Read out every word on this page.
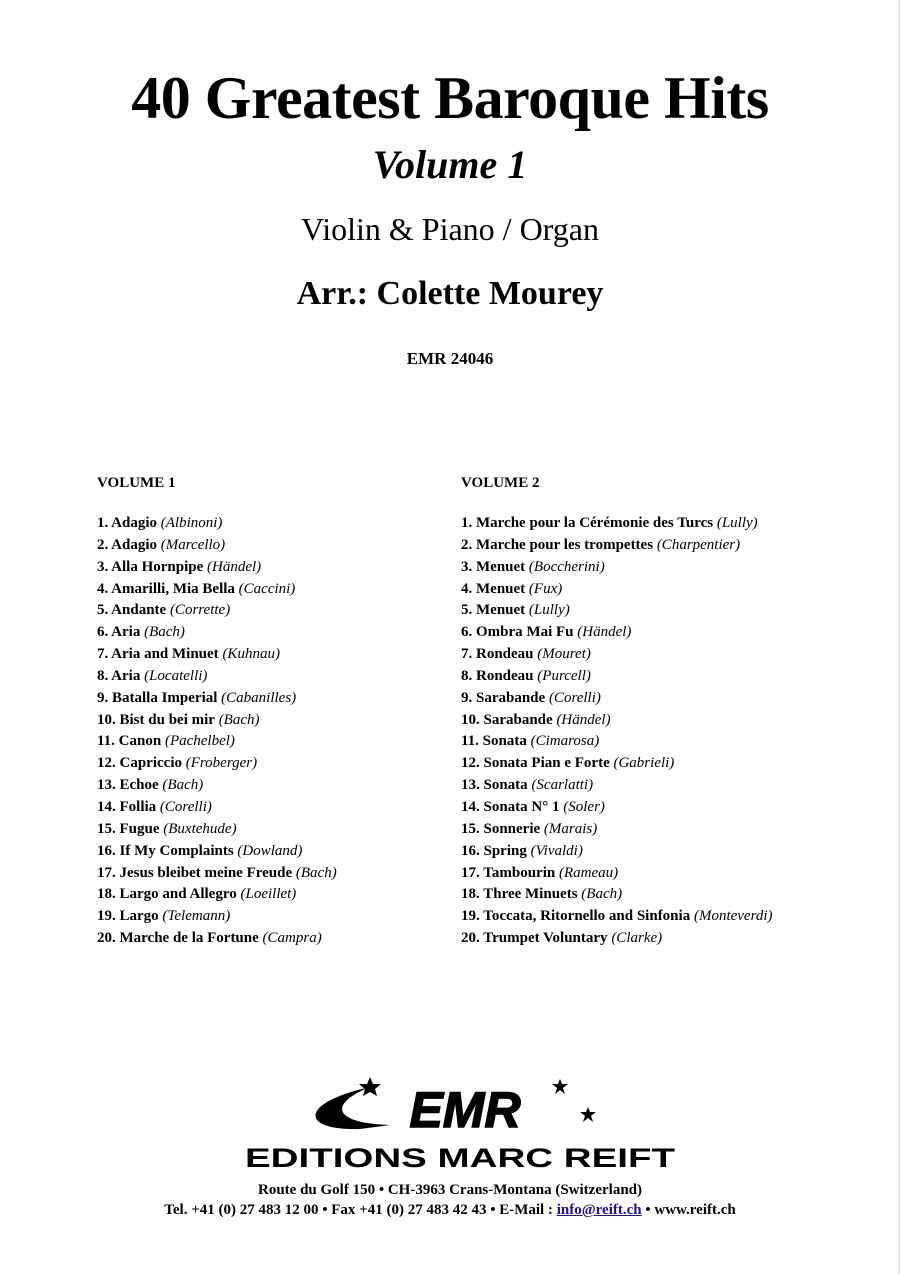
40 Greatest Baroque Hits
Volume 1
Violin & Piano / Organ
Arr.: Colette Mourey
EMR 24046
VOLUME 1
1. Adagio (Albinoni)
2. Adagio (Marcello)
3. Alla Hornpipe (Händel)
4. Amarilli, Mia Bella (Caccini)
5. Andante (Corrette)
6. Aria (Bach)
7. Aria and Minuet (Kuhnau)
8. Aria (Locatelli)
9. Batalla Imperial (Cabanilles)
10. Bist du bei mir (Bach)
11. Canon (Pachelbel)
12. Capriccio (Froberger)
13. Echoe (Bach)
14. Follia (Corelli)
15. Fugue (Buxtehude)
16. If My Complaints (Dowland)
17. Jesus bleibet meine Freude (Bach)
18. Largo and Allegro (Loeillet)
19. Largo (Telemann)
20. Marche de la Fortune (Campra)
VOLUME 2
1. Marche pour la Cérémonie des Turcs (Lully)
2. Marche pour les trompettes (Charpentier)
3. Menuet (Boccherini)
4. Menuet (Fux)
5. Menuet (Lully)
6. Ombra Mai Fu (Händel)
7. Rondeau (Mouret)
8. Rondeau (Purcell)
9. Sarabande (Corelli)
10. Sarabande (Händel)
11. Sonata (Cimarosa)
12. Sonata Pian e Forte (Gabrieli)
13. Sonata (Scarlatti)
14. Sonata N° 1 (Soler)
15. Sonnerie (Marais)
16. Spring (Vivaldi)
17. Tambourin (Rameau)
18. Three Minuets (Bach)
19. Toccata, Ritornello and Sinfonia (Monteverdi)
20. Trumpet Voluntary (Clarke)
EMR
EDITIONS MARC REIFT
Route du Golf 150 • CH-3963 Crans-Montana (Switzerland)
Tel. +41 (0) 27 483 12 00 • Fax +41 (0) 27 483 42 43 • E-Mail : info@reift.ch • www.reift.ch
